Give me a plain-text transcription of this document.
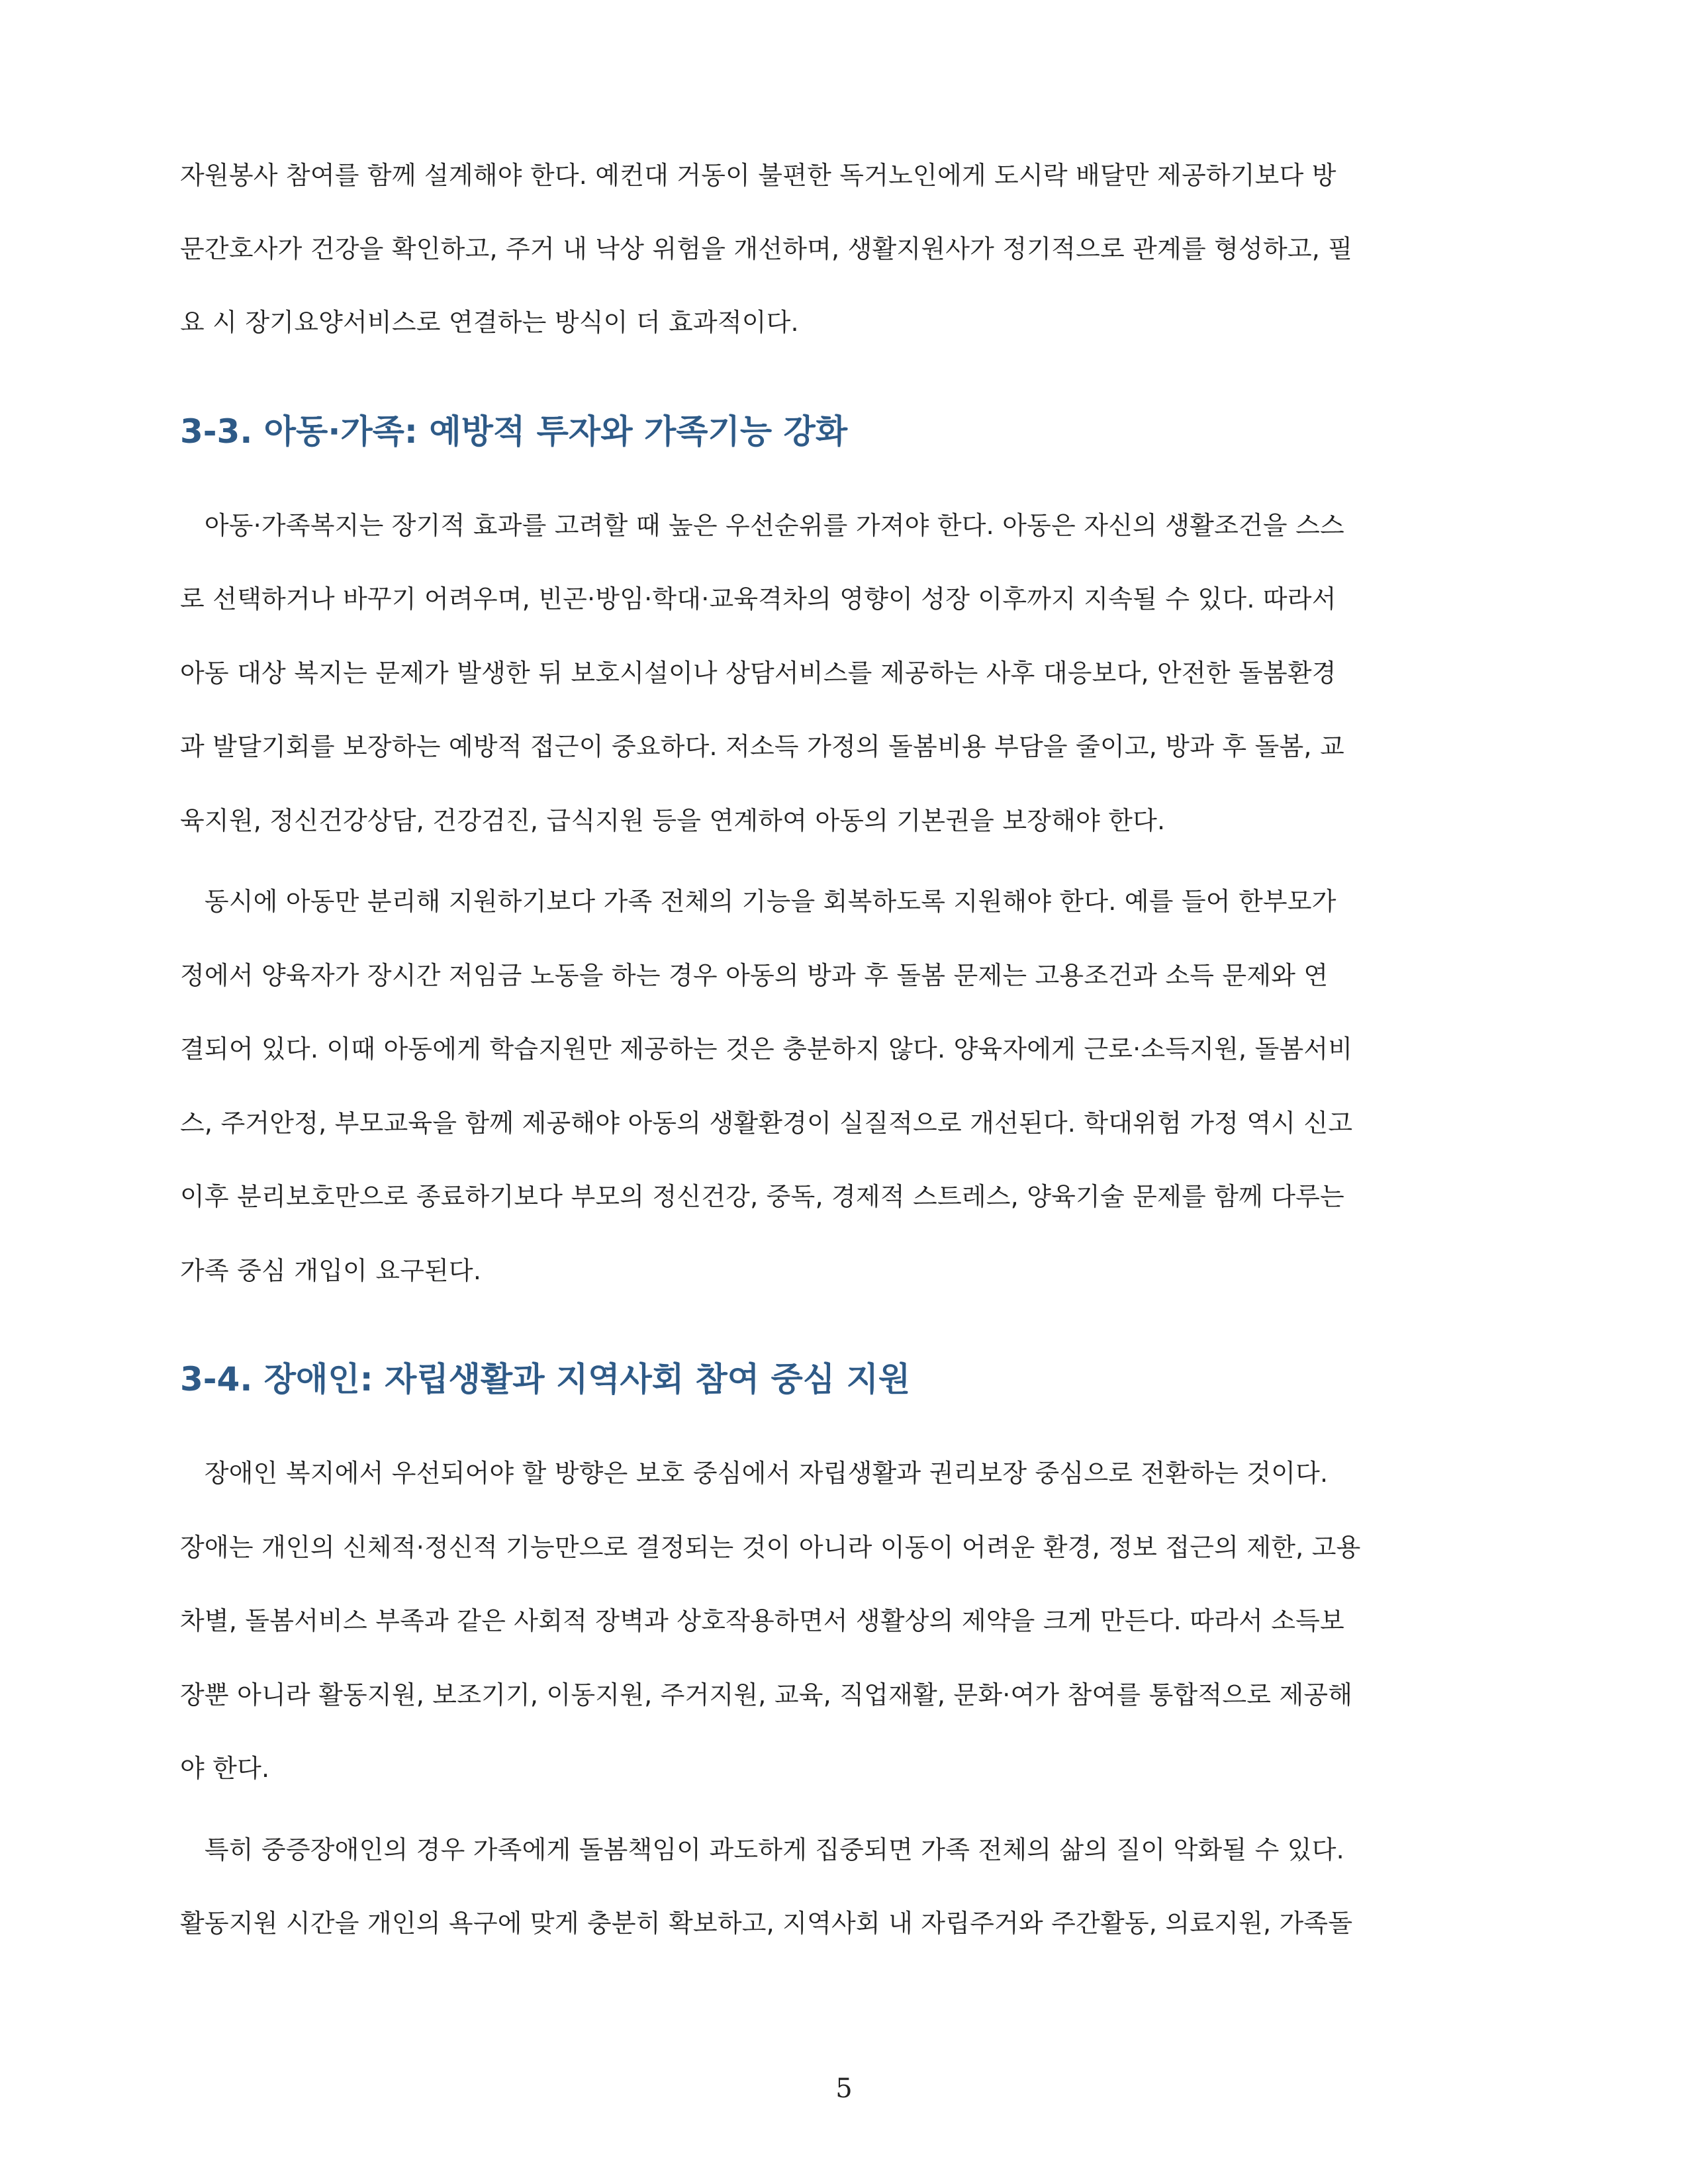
자원봉사 참여를 함께 설계해야 한다. 예컨대 거동이 불편한 독거노인에게 도시락 배달만 제공하기보다 방
문간호사가 건강을 확인하고, 주거 내 낙상 위험을 개선하며, 생활지원사가 정기적으로 관계를 형성하고, 필
요 시 장기요양서비스로 연결하는 방식이 더 효과적이다.
3-3. 아동·가족: 예방적 투자와 가족기능 강화
아동·가족복지는 장기적 효과를 고려할 때 높은 우선순위를 가져야 한다. 아동은 자신의 생활조건을 스스
로 선택하거나 바꾸기 어려우며, 빈곤·방임·학대·교육격차의 영향이 성장 이후까지 지속될 수 있다. 따라서
아동 대상 복지는 문제가 발생한 뒤 보호시설이나 상담서비스를 제공하는 사후 대응보다, 안전한 돌봄환경
과 발달기회를 보장하는 예방적 접근이 중요하다. 저소득 가정의 돌봄비용 부담을 줄이고, 방과 후 돌봄, 교
육지원, 정신건강상담, 건강검진, 급식지원 등을 연계하여 아동의 기본권을 보장해야 한다.
동시에 아동만 분리해 지원하기보다 가족 전체의 기능을 회복하도록 지원해야 한다. 예를 들어 한부모가
정에서 양육자가 장시간 저임금 노동을 하는 경우 아동의 방과 후 돌봄 문제는 고용조건과 소득 문제와 연
결되어 있다. 이때 아동에게 학습지원만 제공하는 것은 충분하지 않다. 양육자에게 근로·소득지원, 돌봄서비
스, 주거안정, 부모교육을 함께 제공해야 아동의 생활환경이 실질적으로 개선된다. 학대위험 가정 역시 신고
이후 분리보호만으로 종료하기보다 부모의 정신건강, 중독, 경제적 스트레스, 양육기술 문제를 함께 다루는
가족 중심 개입이 요구된다.
3-4. 장애인: 자립생활과 지역사회 참여 중심 지원
장애인 복지에서 우선되어야 할 방향은 보호 중심에서 자립생활과 권리보장 중심으로 전환하는 것이다.
장애는 개인의 신체적·정신적 기능만으로 결정되는 것이 아니라 이동이 어려운 환경, 정보 접근의 제한, 고용
차별, 돌봄서비스 부족과 같은 사회적 장벽과 상호작용하면서 생활상의 제약을 크게 만든다. 따라서 소득보
장뿐 아니라 활동지원, 보조기기, 이동지원, 주거지원, 교육, 직업재활, 문화·여가 참여를 통합적으로 제공해
야 한다.
특히 중증장애인의 경우 가족에게 돌봄책임이 과도하게 집중되면 가족 전체의 삶의 질이 악화될 수 있다.
활동지원 시간을 개인의 욕구에 맞게 충분히 확보하고, 지역사회 내 자립주거와 주간활동, 의료지원, 가족돌
5
